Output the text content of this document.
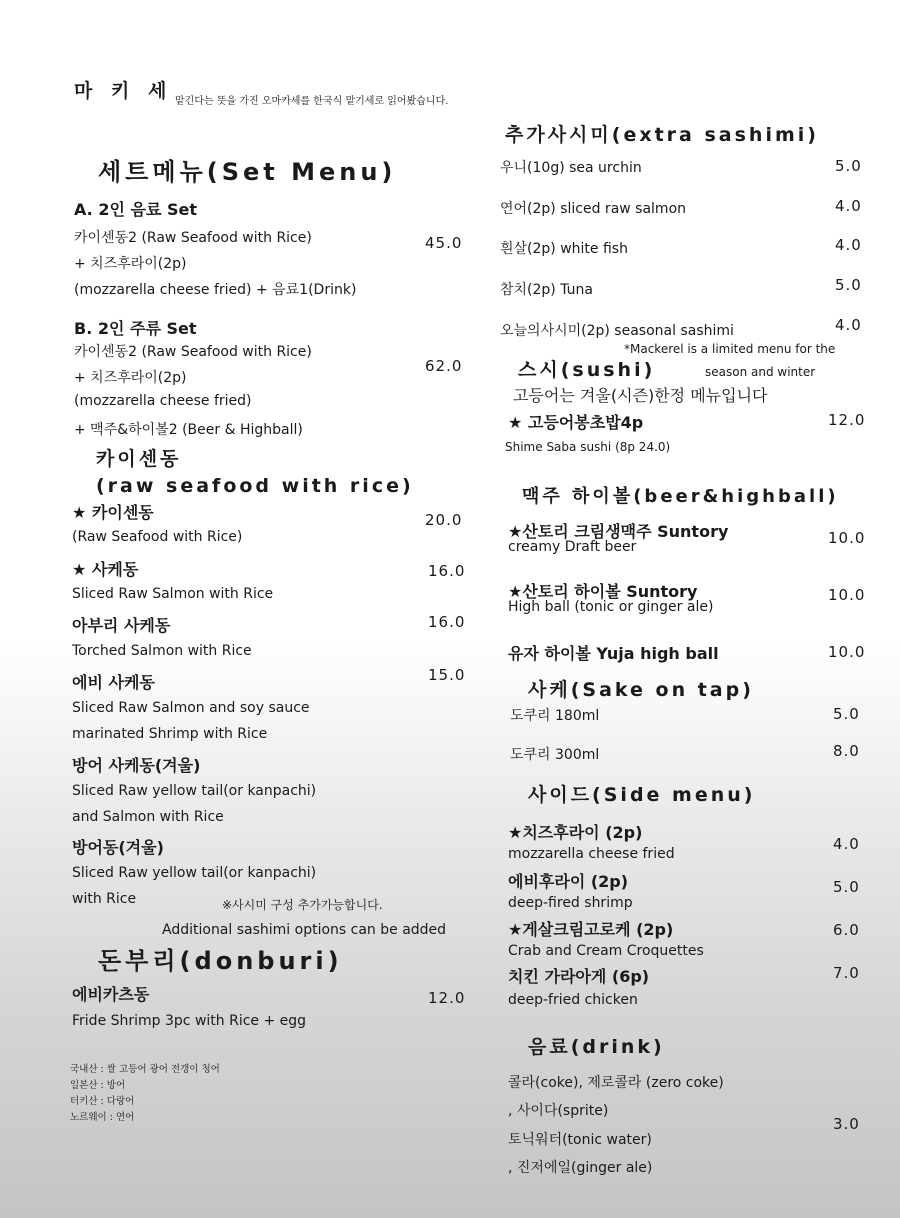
마 키 세 맡긴다는 뜻을 가진 오마카세를 한국식 맡기세로 읽어봤습니다.
세트메뉴(Set Menu)
A. 2인 음료 Set
카이센동2 (Raw Seafood with Rice)
+ 치즈후라이(2p)
(mozzarella cheese fried) + 음료1(Drink)
45.0
B. 2인 주류 Set
카이센동2 (Raw Seafood with Rice)
+ 치즈후라이(2p)
(mozzarella cheese fried)
+ 맥주&하이볼2 (Beer & Highball)
62.0
카이센동
(raw seafood with rice)
★ 카이센동
(Raw Seafood with Rice)
20.0
★ 사케동
Sliced Raw Salmon with Rice
16.0
아부리 사케동
Torched Salmon with Rice
16.0
에비 사케동
Sliced Raw Salmon and soy sauce
marinated Shrimp with Rice
15.0
방어 사케동(겨울)
Sliced Raw yellow tail(or kanpachi)
and Salmon with Rice
방어동(겨울)
Sliced Raw yellow tail(or kanpachi)
with Rice	※사시미 구성 추가가능합니다.
Additional sashimi options can be added
돈부리(donburi)
에비카츠동
Fride Shrimp 3pc with Rice + egg
12.0
국내산 : 쌀 고등어 광어 전갱이 청어
일본산 : 방어
터키산 : 다랑어
노르웨이 : 연어
추가사시미(extra sashimi)
우니(10g) sea urchin	5.0
연어(2p) sliced raw salmon	4.0
흰살(2p) white fish	4.0
참치(2p) Tuna	5.0
오늘의사시미(2p) seasonal sashimi	4.0
*Mackerel is a limited menu for the
스시(sushi)	season and winter
고등어는 겨울(시즌)한정 메뉴입니다
★ 고등어봉초밥4p	12.0
Shime Saba sushi (8p 24.0)
맥주 하이볼(beer&highball)
★산토리 크림생맥주 Suntory
creamy Draft beer	10.0
★산토리 하이볼 Suntory
High ball (tonic or ginger ale)
10.0
유자 하이볼 Yuja high ball	10.0
사케(Sake on tap)
도쿠리 180ml	5.0
도쿠리 300ml	8.0
사이드(Side menu)
★치즈후라이 (2p)
mozzarella cheese fried
4.0
에비후라이 (2p)
deep-fired shrimp
5.0
★게살크림고로케 (2p)
Crab and Cream Croquettes
6.0
치킨 가라아게 (6p)
deep-fried chicken
7.0
음료(drink)
콜라(coke), 제로콜라 (zero coke)
, 사이다(sprite)
토닉워터(tonic water)
, 진저에일(ginger ale)
3.0
